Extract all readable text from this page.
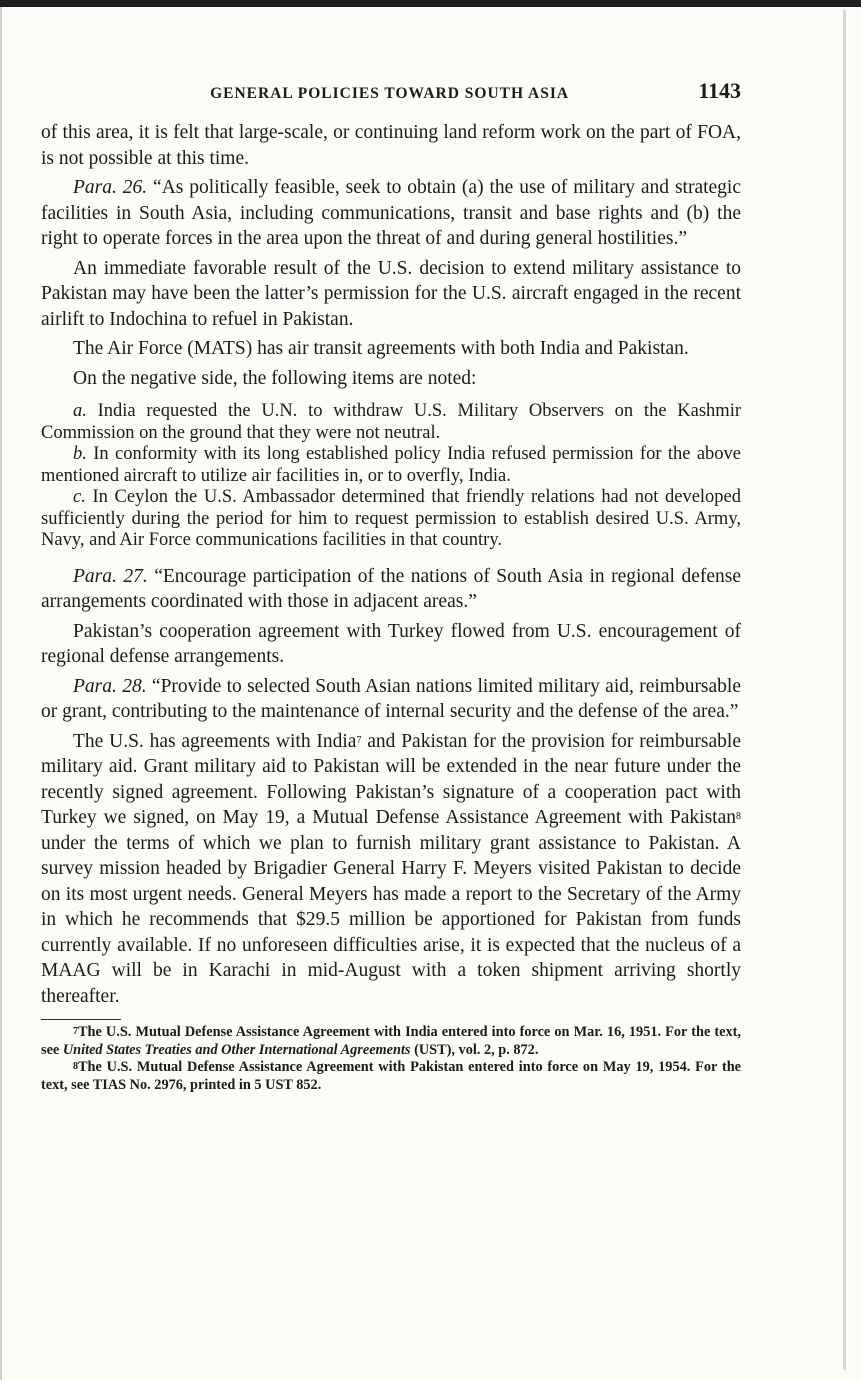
GENERAL POLICIES TOWARD SOUTH ASIA	1143

of this area, it is felt that large-scale, or continuing land reform work on the part of FOA, is not possible at this time.

Para. 26. “As politically feasible, seek to obtain (a) the use of military and strategic facilities in South Asia, including communications, transit and base rights and (b) the right to operate forces in the area upon the threat of and during general hostilities.”

An immediate favorable result of the U.S. decision to extend military assistance to Pakistan may have been the latter’s permission for the U.S. aircraft engaged in the recent airlift to Indochina to refuel in Pakistan.

The Air Force (MATS) has air transit agreements with both India and Pakistan.

On the negative side, the following items are noted:

a. India requested the U.N. to withdraw U.S. Military Observers on the Kashmir Commission on the ground that they were not neutral.

b. In conformity with its long established policy India refused permission for the above mentioned aircraft to utilize air facilities in, or to overfly, India.

c. In Ceylon the U.S. Ambassador determined that friendly relations had not developed sufficiently during the period for him to request permission to establish desired U.S. Army, Navy, and Air Force communications facilities in that country.

Para. 27. “Encourage participation of the nations of South Asia in regional defense arrangements coordinated with those in adjacent areas.”

Pakistan’s cooperation agreement with Turkey flowed from U.S. encouragement of regional defense arrangements.

Para. 28. “Provide to selected South Asian nations limited military aid, reimbursable or grant, contributing to the maintenance of internal security and the defense of the area.”

The U.S. has agreements with India$^7$ and Pakistan for the provision for reimbursable military aid. Grant military aid to Pakistan will be extended in the near future under the recently signed agreement. Following Pakistan’s signature of a cooperation pact with Turkey we signed, on May 19, a Mutual Defense Assistance Agreement with Pakistan$^8$ under the terms of which we plan to furnish military grant assistance to Pakistan. A survey mission headed by Brigadier General Harry F. Meyers visited Pakistan to decide on its most urgent needs. General Meyers has made a report to the Secretary of the Army in which he recommends that $29.5 million be apportioned for Pakistan from funds currently available. If no unforeseen difficulties arise, it is expected that the nucleus of a MAAG will be in Karachi in mid-August with a token shipment arriving shortly thereafter.

$^7$The U.S. Mutual Defense Assistance Agreement with India entered into force on Mar. 16, 1951. For the text, see United States Treaties and Other International Agreements (UST), vol. 2, p. 872.

$^8$The U.S. Mutual Defense Assistance Agreement with Pakistan entered into force on May 19, 1954. For the text, see TIAS No. 2976, printed in 5 UST 852.
